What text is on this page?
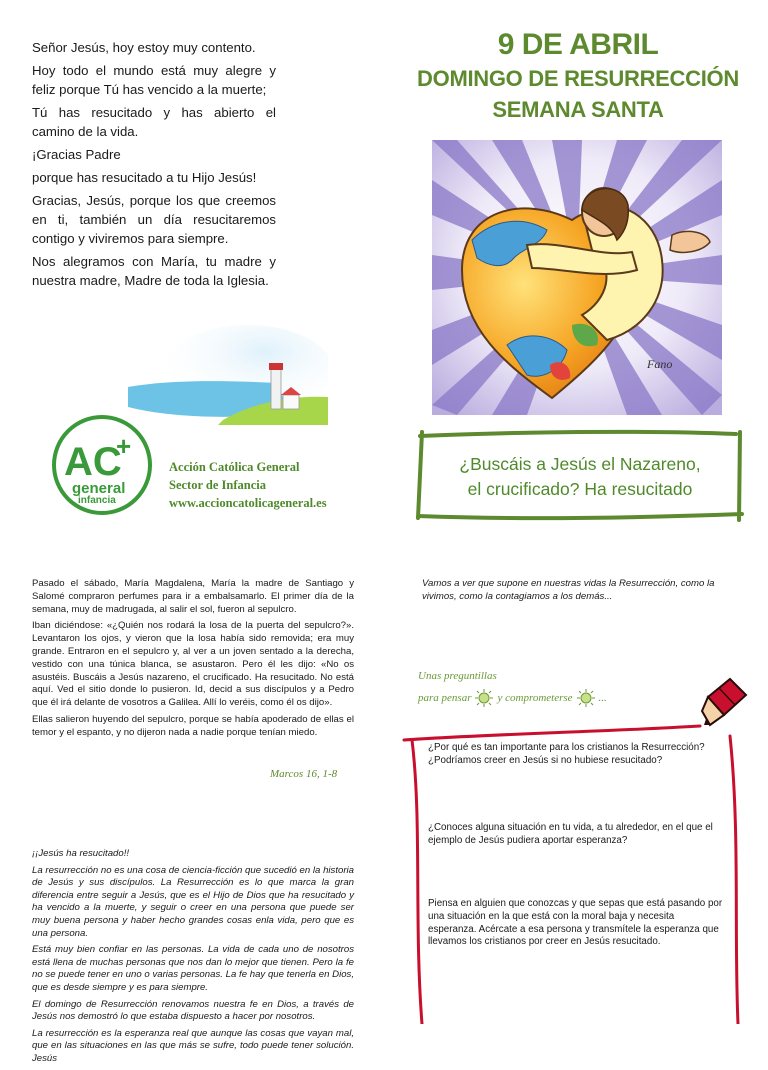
Señor Jesús, hoy estoy muy contento.

Hoy todo el mundo está muy alegre y feliz porque Tú has vencido a la muerte;

Tú has resucitado y has abierto el camino de la vida.

¡Gracias Padre

porque has resucitado a tu Hijo Jesús!

Gracias, Jesús, porque los que creemos en ti, también un día resucitaremos contigo y viviremos para siempre.

Nos alegramos con María, tu madre y nuestra madre, Madre de toda la Iglesia.

9 DE ABRIL
DOMINGO DE RESURRECCIÓN
SEMANA SANTA
Fano
AC
+
general
infancia
Acción Católica General
Sector de Infancia
www.accioncatolicageneral.es
¿Buscáis a Jesús el Nazareno,
el crucificado? Ha resucitado

Pasado el sábado, María Magdalena, María la madre de Santiago y Salomé compraron perfumes para ir a embalsamarlo. El primer día de la semana, muy de madrugada, al salir el sol, fueron al sepulcro.

Iban diciéndose: «¿Quién nos rodará la losa de la puerta del sepulcro?». Levantaron los ojos, y vieron que la losa había sido removida; era muy grande. Entraron en el sepulcro y, al ver a un joven sentado a la derecha, vestido con una túnica blanca, se asustaron. Pero él les dijo: «No os asustéis. Buscáis a Jesús nazareno, el crucificado. Ha resucitado. No está aquí. Ved el sitio donde lo pusieron. Id, decid a sus discípulos y a Pedro que él irá delante de vosotros a Galilea. Allí lo veréis, como él os dijo».

Ellas salieron huyendo del sepulcro, porque se había apoderado de ellas el temor y el espanto, y no dijeron nada a nadie porque tenían miedo.

Marcos 16, 1-8

¡¡Jesús ha resucitado!!

La resurrección no es una cosa de ciencia-ficción que sucedió en la historia de Jesús y sus discípulos. La Resurrección es lo que marca la gran diferencia entre seguir a Jesús, que es el Hijo de Dios que ha resucitado y ha vencido a la muerte, y seguir o creer en una persona que puede ser muy buena persona y haber hecho grandes cosas enla vida, pero que es una persona.

Está muy bien confiar en las personas. La vida de cada uno de nosotros está llena de muchas personas que nos dan lo mejor que tienen. Pero la fe no se puede tener en uno o varias personas. La fe hay que tenerla en Dios, que es desde siempre y es para siempre.

El domingo de Resurrección renovamos nuestra fe en Dios, a través de Jesús nos demostró lo que estaba dispuesto a hacer por nosotros.

La resurrección es la esperanza real que aunque las cosas que vayan mal, que en las situaciones en las que más se sufre, todo puede tener solución. Jesús

Vamos a ver que supone en nuestras vidas la Resurrección, como la vivimos, como la contagiamos a los demás...
Unas preguntillas
para pensar y comprometerse ...
¿Por qué es tan importante para los cristianos la Resurrección? ¿Podríamos creer en Jesús si no hubiese resucitado?
¿Conoces alguna situación en tu vida, a tu alrededor, en el que el ejemplo de Jesús pudiera aportar esperanza?
Piensa en alguien que conozcas y que sepas que está pasando por una situación en la que está con la moral baja y necesita esperanza. Acércate a esa persona y transmítele la esperanza que llevamos los cristianos por creer en Jesús resucitado.
